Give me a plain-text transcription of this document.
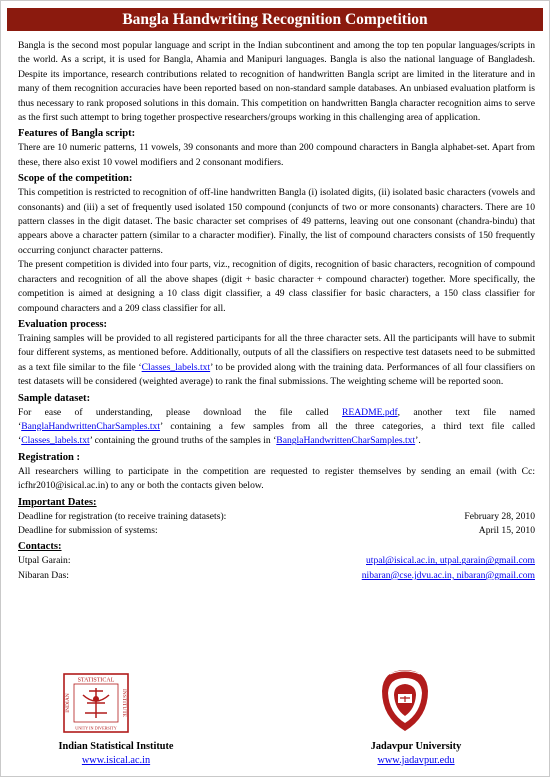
Bangla Handwriting Recognition Competition

Bangla is the second most popular language and script in the Indian subcontinent and among the top ten popular languages/scripts in the world. As a script, it is used for Bangla, Ahamia and Manipuri languages. Bangla is also the national language of Bangladesh. Despite its importance, research contributions related to recognition of handwritten Bangla script are limited in the literature and in many of them recognition accuracies have been reported based on non-standard sample databases. An unbiased evaluation platform is thus necessary to rank proposed solutions in this domain. This competition on handwritten Bangla character recognition aims to serve as the first such attempt to bring together prospective researchers/groups working in this challenging area of application.

Features of Bangla script:

There are 10 numeric patterns, 11 vowels, 39 consonants and more than 200 compound characters in Bangla alphabet-set. Apart from these, there also exist 10 vowel modifiers and 2 consonant modifiers.

Scope of the competition:

This competition is restricted to recognition of off-line handwritten Bangla (i) isolated digits, (ii) isolated basic characters (vowels and consonants) and (iii) a set of frequently used isolated 150 compound (conjuncts of two or more consonants) characters. There are 10 pattern classes in the digit dataset. The basic character set comprises of 49 patterns, leaving out one consonant (chandra-bindu) that appears above a character pattern (similar to a character modifier). Finally, the list of compound characters consists of 150 frequently occurring conjunct character patterns.

The present competition is divided into four parts, viz., recognition of digits, recognition of basic characters, recognition of compound characters and recognition of all the above shapes (digit + basic character + compound character) together. More specifically, the competition is aimed at designing a 10 class digit classifier, a 49 class classifier for basic characters, a 150 class classifier for compound characters and a 209 class classifier for all.

Evaluation process:

Training samples will be provided to all registered participants for all the three character sets. All the participants will have to submit four different systems, as mentioned before. Additionally, outputs of all the classifiers on respective test datasets need to be submitted as a text file similar to the file ‘Classes_labels.txt’ to be provided along with the training data. Performances of all four classifiers on test datasets will be considered (weighted average) to rank the final submissions. The weighting scheme will be reported soon.

Sample dataset:

For ease of understanding, please download the file called README.pdf, another text file named ‘BanglaHandwrittenCharSamples.txt’ containing a few samples from all the three categories, a third text file called ‘Classes_labels.txt’ containing the ground truths of the samples in ‘BanglaHandwrittenCharSamples.txt’.

Registration :

All researchers willing to participate in the competition are requested to register themselves by sending an email (with Cc: icfhr2010@isical.ac.in) to any or both the contacts given below.

Important Dates:
Deadline for registration (to receive training datasets):	February 28, 2010
Deadline for submission of systems:	April 15, 2010
Contacts:
Utpal Garain:	utpal@isical.ac.in, utpal.garain@gmail.com
Nibaran Das:	nibaran@cse.jdvu.ac.in, nibaran@gmail.com
STATISTICAL
UNITY IN DIVERSITY
INDIAN	INSTITUTE
Indian Statistical Institute
www.isical.ac.in
Jadavpur University
www.jadavpur.edu
